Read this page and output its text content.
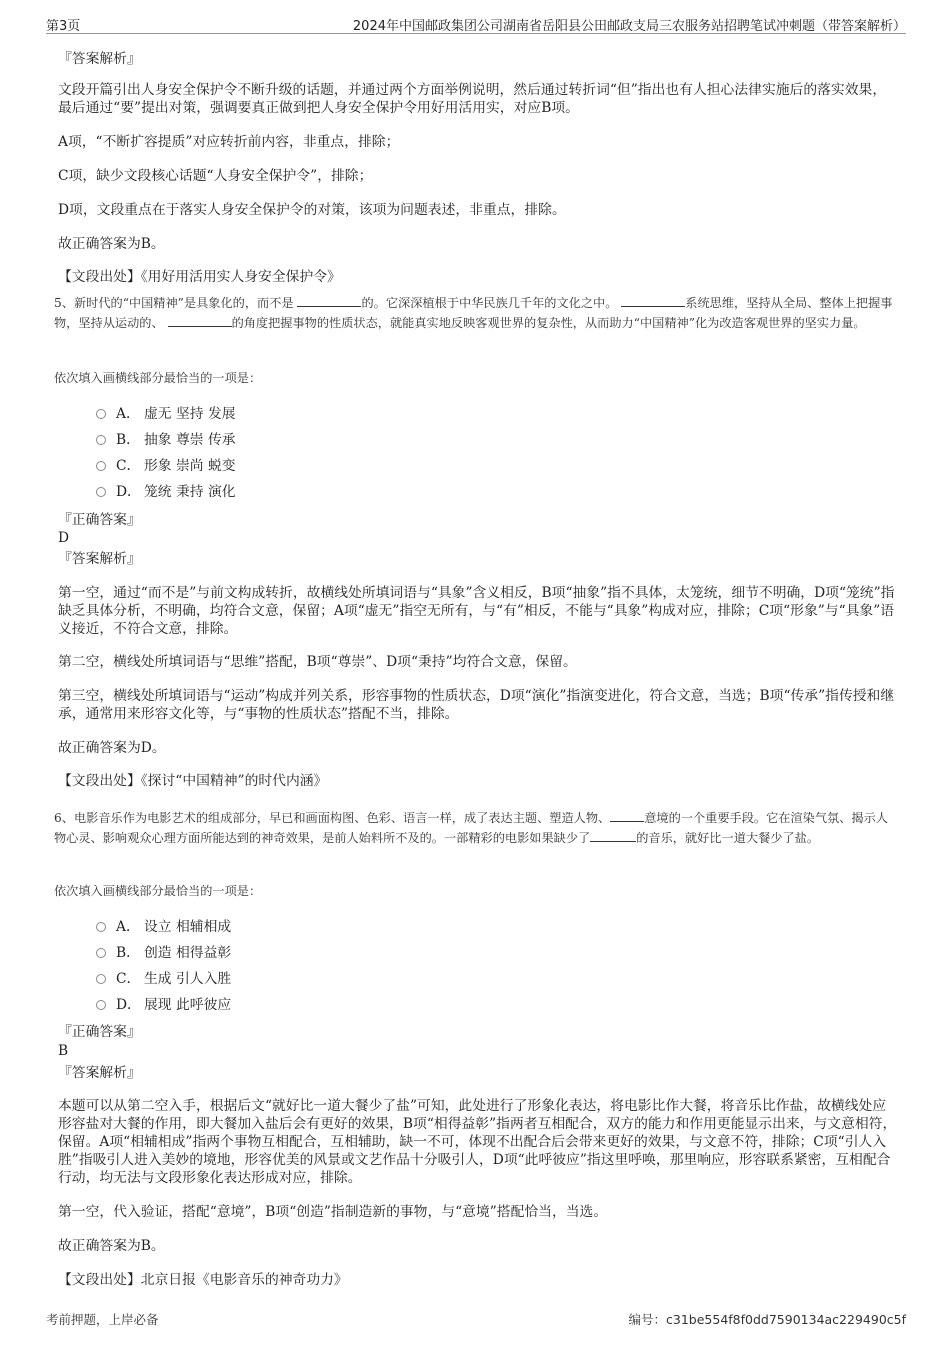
第3页	2024年中国邮政集团公司湖南省岳阳县公田邮政支局三农服务站招聘笔试冲刺题（带答案解析）
『答案解析』
文段开篇引出人身安全保护令不断升级的话题，并通过两个方面举例说明，然后通过转折词“但”指出也有人担心法律实施后的落实效果，最后通过“要”提出对策，强调要真正做到把人身安全保护令用好用活用实，对应B项。
A项，“不断扩容提质”对应转折前内容，非重点，排除；
C项，缺少文段核心话题“人身安全保护令”，排除；
D项，文段重点在于落实人身安全保护令的对策，该项为问题表述，非重点，排除。
故正确答案为B。
【文段出处】《用好用活用实人身安全保护令》
5、新时代的“中国精神”是具象化的，而不是	的。它深深植根于中华民族几千年的文化之中。	系统思维，坚持从全局、整体上把握事物，坚持从运动的、	的角度把握事物的性质状态，就能真实地反映客观世界的复杂性，从而助力“中国精神”化为改造客观世界的坚实力量。
依次填入画横线部分最恰当的一项是：
A． 虚无 坚持 发展
B． 抽象 尊崇 传承
C． 形象 崇尚 蜕变
D． 笼统 秉持 演化
『正确答案』
D
『答案解析』
第一空，通过“而不是”与前文构成转折，故横线处所填词语与“具象”含义相反，B项“抽象”指不具体，太笼统，细节不明确，D项“笼统”指缺乏具体分析，不明确，均符合文意，保留；A项“虚无”指空无所有，与“有”相反，不能与“具象”构成对应，排除；C项“形象”与“具象”语义接近，不符合文意，排除。
第二空，横线处所填词语与“思维”搭配，B项“尊崇”、D项“秉持”均符合文意，保留。
第三空，横线处所填词语与“运动”构成并列关系，形容事物的性质状态，D项“演化”指演变进化，符合文意，当选；B项“传承”指传授和继承，通常用来形容文化等，与“事物的性质状态”搭配不当，排除。
故正确答案为D。
【文段出处】《探讨“中国精神”的时代内涵》
6、电影音乐作为电影艺术的组成部分，早已和画面构图、色彩、语言一样，成了表达主题、塑造人物、	意境的一个重要手段。它在渲染气氛、揭示人物心灵、影响观众心理方面所能达到的神奇效果，是前人始料所不及的。一部精彩的电影如果缺少了	的音乐，就好比一道大餐少了盐。
依次填入画横线部分最恰当的一项是：
A． 设立 相辅相成
B． 创造 相得益彰
C． 生成 引人入胜
D． 展现 此呼彼应
『正确答案』
B
『答案解析』
本题可以从第二空入手，根据后文“就好比一道大餐少了盐”可知，此处进行了形象化表达，将电影比作大餐，将音乐比作盐，故横线处应形容盐对大餐的作用，即大餐加入盐后会有更好的效果，B项“相得益彰”指两者互相配合，双方的能力和作用更能显示出来，与文意相符，保留。A项“相辅相成”指两个事物互相配合，互相辅助，缺一不可，体现不出配合后会带来更好的效果，与文意不符，排除；C项“引人入胜”指吸引人进入美妙的境地，形容优美的风景或文艺作品十分吸引人，D项“此呼彼应”指这里呼唤，那里响应，形容联系紧密，互相配合行动，均无法与文段形象化表达形成对应，排除。
第一空，代入验证，搭配“意境”，B项“创造”指制造新的事物，与“意境”搭配恰当，当选。
故正确答案为B。
【文段出处】北京日报《电影音乐的神奇功力》
考前押题，上岸必备	编号：c31be554f8f0dd7590134ac229490c5f
